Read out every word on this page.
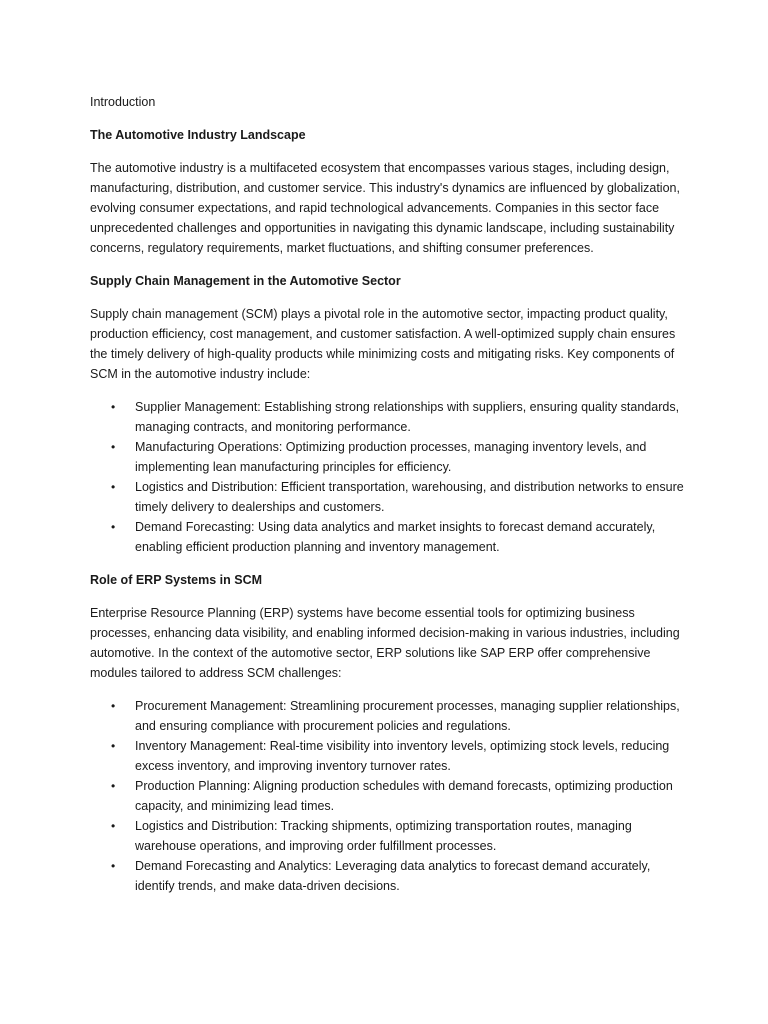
Introduction

The Automotive Industry Landscape

The automotive industry is a multifaceted ecosystem that encompasses various stages, including design, manufacturing, distribution, and customer service. This industry's dynamics are influenced by globalization, evolving consumer expectations, and rapid technological advancements. Companies in this sector face unprecedented challenges and opportunities in navigating this dynamic landscape, including sustainability concerns, regulatory requirements, market fluctuations, and shifting consumer preferences.

Supply Chain Management in the Automotive Sector

Supply chain management (SCM) plays a pivotal role in the automotive sector, impacting product quality, production efficiency, cost management, and customer satisfaction. A well-optimized supply chain ensures the timely delivery of high-quality products while minimizing costs and mitigating risks. Key components of SCM in the automotive industry include:

• Supplier Management: Establishing strong relationships with suppliers, ensuring quality standards, managing contracts, and monitoring performance.
• Manufacturing Operations: Optimizing production processes, managing inventory levels, and implementing lean manufacturing principles for efficiency.
• Logistics and Distribution: Efficient transportation, warehousing, and distribution networks to ensure timely delivery to dealerships and customers.
• Demand Forecasting: Using data analytics and market insights to forecast demand accurately, enabling efficient production planning and inventory management.
Role of ERP Systems in SCM

Enterprise Resource Planning (ERP) systems have become essential tools for optimizing business processes, enhancing data visibility, and enabling informed decision-making in various industries, including automotive. In the context of the automotive sector, ERP solutions like SAP ERP offer comprehensive modules tailored to address SCM challenges:

• Procurement Management: Streamlining procurement processes, managing supplier relationships, and ensuring compliance with procurement policies and regulations.
• Inventory Management: Real-time visibility into inventory levels, optimizing stock levels, reducing excess inventory, and improving inventory turnover rates.
• Production Planning: Aligning production schedules with demand forecasts, optimizing production capacity, and minimizing lead times.
• Logistics and Distribution: Tracking shipments, optimizing transportation routes, managing warehouse operations, and improving order fulfillment processes.
• Demand Forecasting and Analytics: Leveraging data analytics to forecast demand accurately, identify trends, and make data-driven decisions.
